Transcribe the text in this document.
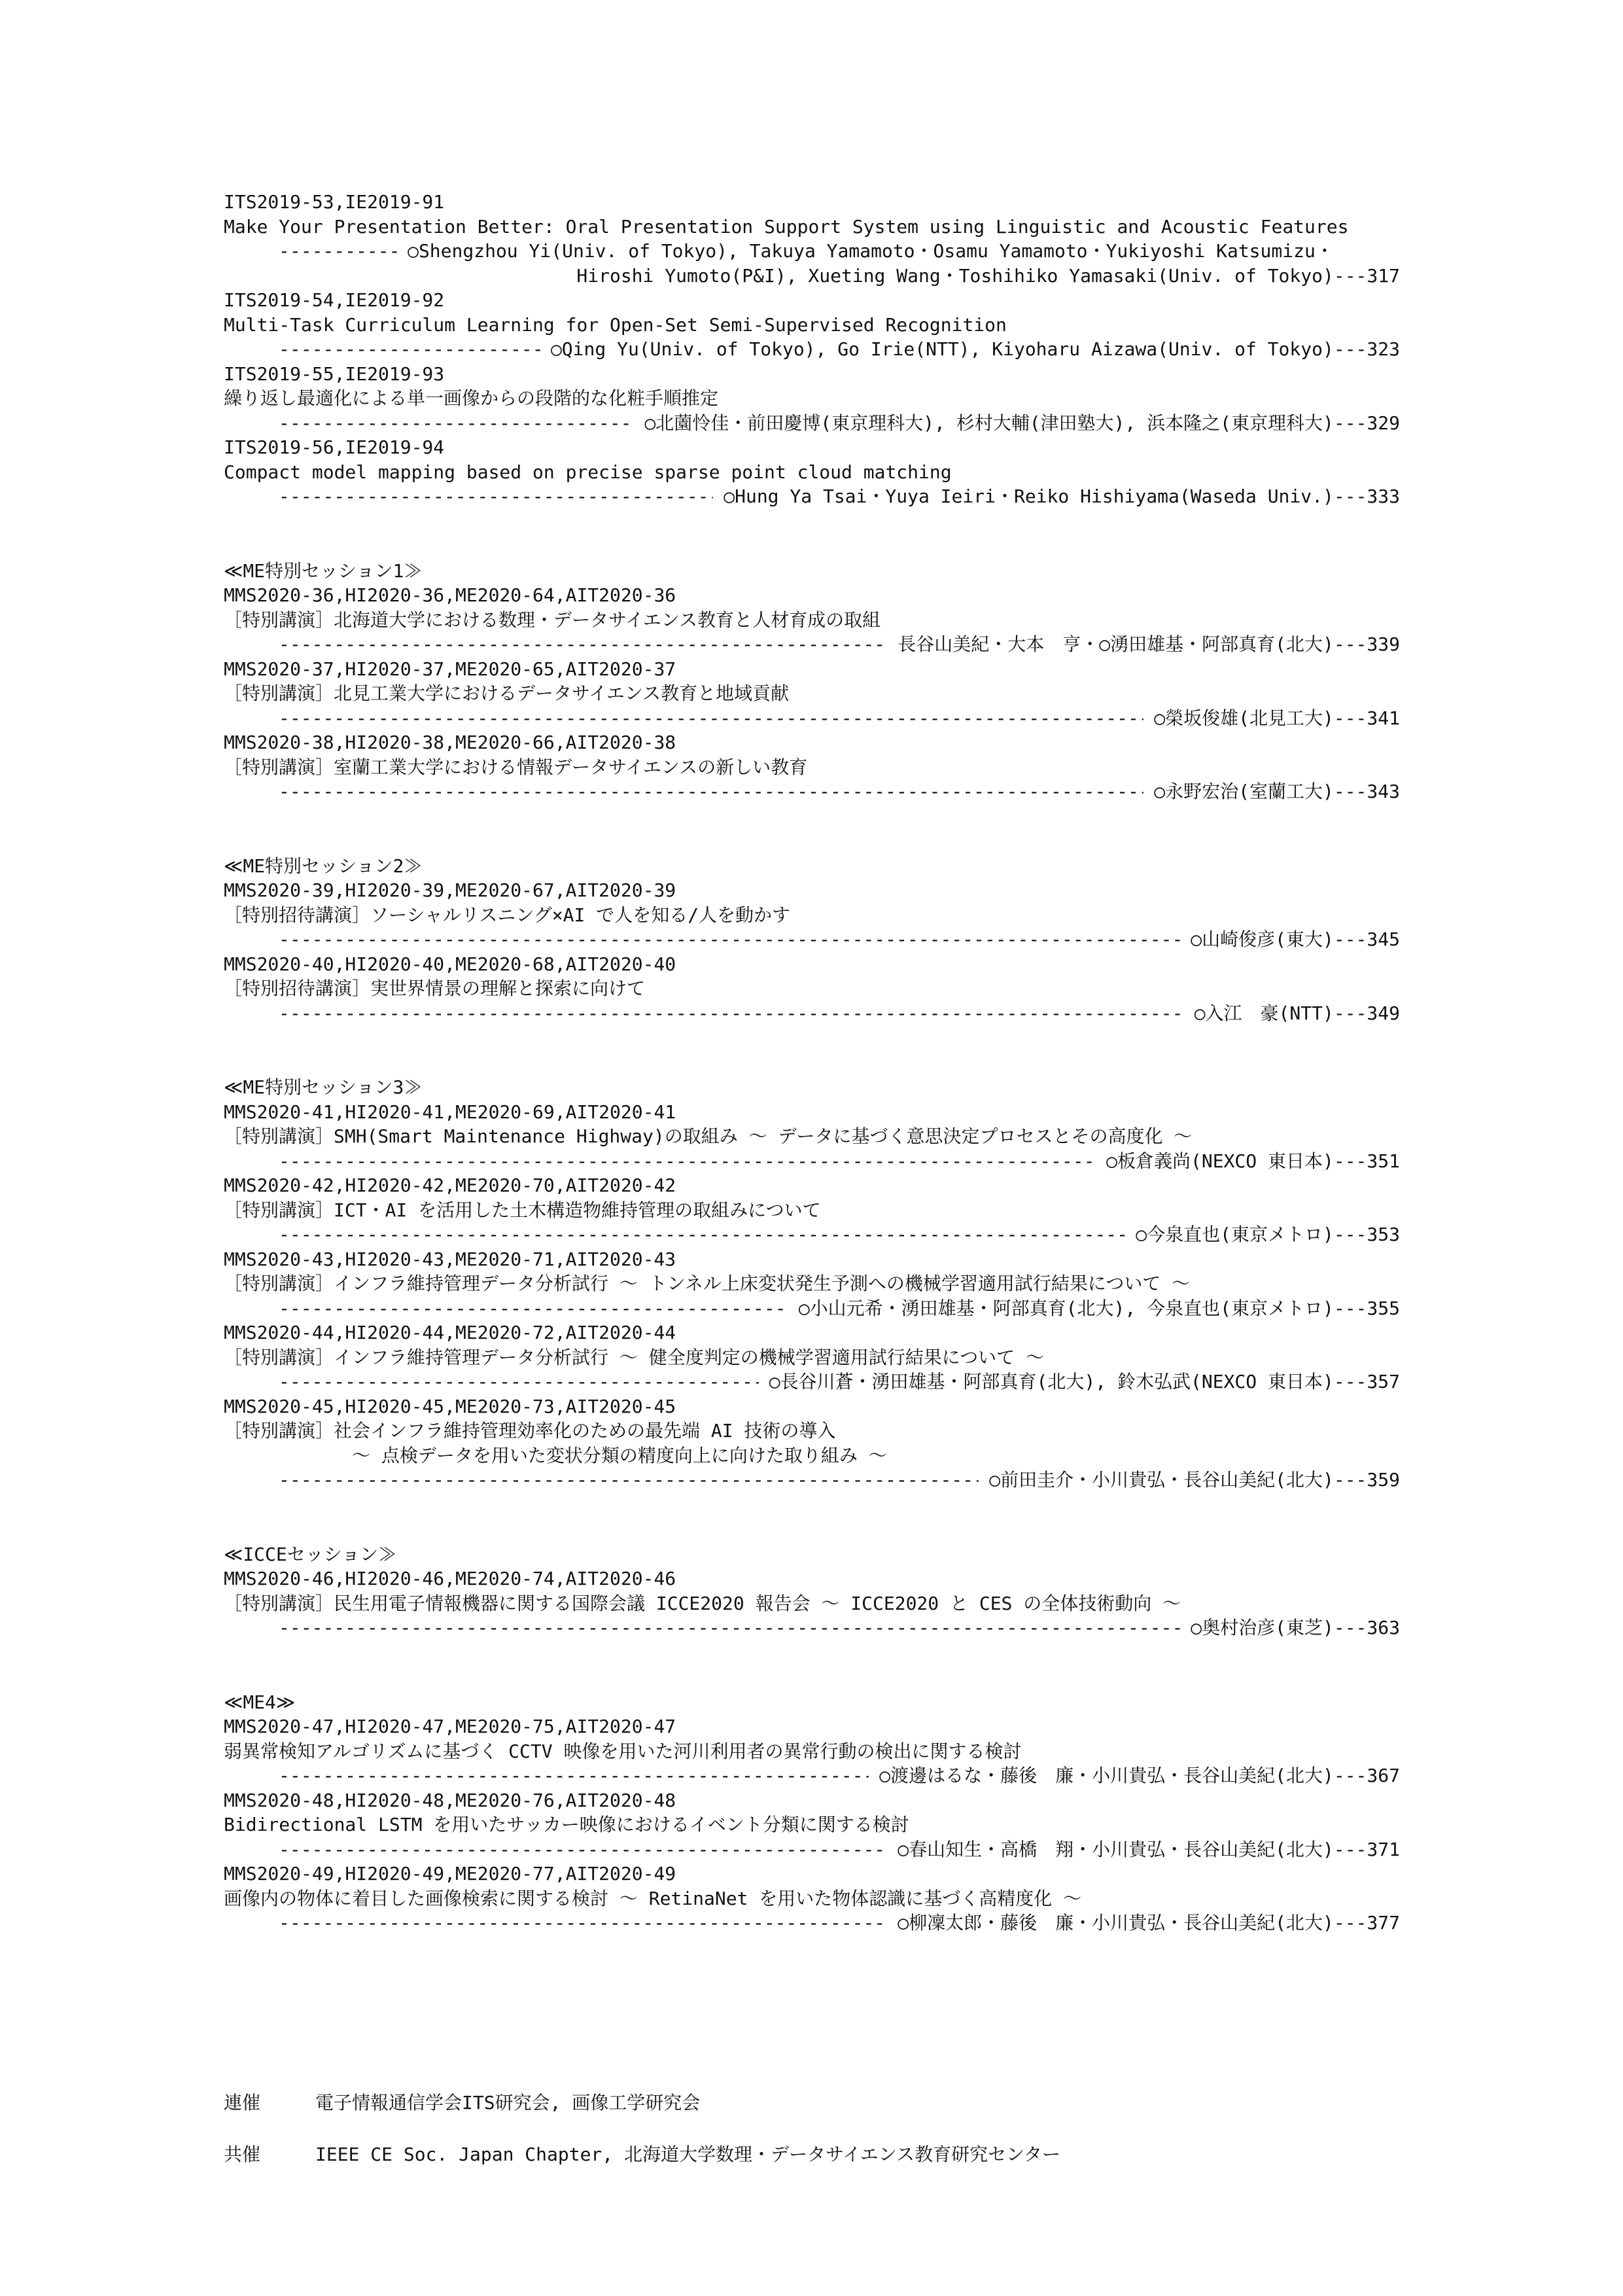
ITS2019-53,IE2019-91
Make Your Presentation Better: Oral Presentation Support System using Linguistic and Acoustic Features
-----
○Shengzhou Yi(Univ. of Tokyo), Takuya Yamamoto・Osamu Yamamoto・Yukiyoshi Katsumizu・

Hiroshi Yumoto(P&I), Xueting Wang・Toshihiko Yamasaki(Univ. of Tokyo)---317
ITS2019-54,IE2019-92
Multi-Task Curriculum Learning for Open-Set Semi-Supervised Recognition
-----
○Qing Yu(Univ. of Tokyo), Go Irie(NTT), Kiyoharu Aizawa(Univ. of Tokyo) ---323
ITS2019-55,IE2019-93
繰り返し最適化による単一画像からの段階的な化粧手順推定
-----
○北薗怜佳・前田慶博(東京理科大), 杉村大輔(津田塾大), 浜本隆之(東京理科大) ---329
ITS2019-56,IE2019-94
Compact model mapping based on precise sparse point cloud matching
-----
○Hung Ya Tsai・Yuya Ieiri・Reiko Hishiyama(Waseda Univ.) ---333
≪ME特別セッション1≫
MMS2020-36,HI2020-36,ME2020-64,AIT2020-36
［特別講演］北海道大学における数理・データサイエンス教育と人材育成の取組
-----
長谷山美紀・大本　亨・○湧田雄基・阿部真育(北大) ---339
MMS2020-37,HI2020-37,ME2020-65,AIT2020-37
［特別講演］北見工業大学におけるデータサイエンス教育と地域貢献
-----
○榮坂俊雄(北見工大) ---341
MMS2020-38,HI2020-38,ME2020-66,AIT2020-38
［特別講演］室蘭工業大学における情報データサイエンスの新しい教育
-----
○永野宏治(室蘭工大) ---343
≪ME特別セッション2≫
MMS2020-39,HI2020-39,ME2020-67,AIT2020-39
［特別招待講演］ソーシャルリスニング×AI で人を知る/人を動かす
-----
○山崎俊彦(東大) ---345
MMS2020-40,HI2020-40,ME2020-68,AIT2020-40
［特別招待講演］実世界情景の理解と探索に向けて
-----
○入江　豪(NTT) ---349
≪ME特別セッション3≫
MMS2020-41,HI2020-41,ME2020-69,AIT2020-41
［特別講演］SMH(Smart Maintenance Highway)の取組み 〜 データに基づく意思決定プロセスとその高度化 〜
-----
○板倉義尚(NEXCO 東日本) ---351
MMS2020-42,HI2020-42,ME2020-70,AIT2020-42
［特別講演］ICT・AI を活用した土木構造物維持管理の取組みについて
-----
○今泉直也(東京メトロ) ---353
MMS2020-43,HI2020-43,ME2020-71,AIT2020-43
［特別講演］インフラ維持管理データ分析試行 〜 トンネル上床変状発生予測への機械学習適用試行結果について 〜
-----
○小山元希・湧田雄基・阿部真育(北大), 今泉直也(東京メトロ) ---355
MMS2020-44,HI2020-44,ME2020-72,AIT2020-44
［特別講演］インフラ維持管理データ分析試行 〜 健全度判定の機械学習適用試行結果について 〜
-----
○長谷川蒼・湧田雄基・阿部真育(北大), 鈴木弘武(NEXCO 東日本) ---357
MMS2020-45,HI2020-45,ME2020-73,AIT2020-45
［特別講演］社会インフラ維持管理効率化のための最先端 AI 技術の導入
〜 点検データを用いた変状分類の精度向上に向けた取り組み 〜
-----
○前田圭介・小川貴弘・長谷山美紀(北大) ---359
≪ICCEセッション≫
MMS2020-46,HI2020-46,ME2020-74,AIT2020-46
［特別講演］民生用電子情報機器に関する国際会議 ICCE2020 報告会 〜 ICCE2020 と CES の全体技術動向 〜
-----
○奥村治彦(東芝) ---363
≪ME4≫
MMS2020-47,HI2020-47,ME2020-75,AIT2020-47
弱異常検知アルゴリズムに基づく CCTV 映像を用いた河川利用者の異常行動の検出に関する検討
-----
○渡邊はるな・藤後　廉・小川貴弘・長谷山美紀(北大) ---367
MMS2020-48,HI2020-48,ME2020-76,AIT2020-48
Bidirectional LSTM を用いたサッカー映像におけるイベント分類に関する検討
-----
○春山知生・高橋　翔・小川貴弘・長谷山美紀(北大) ---371
MMS2020-49,HI2020-49,ME2020-77,AIT2020-49
画像内の物体に着目した画像検索に関する検討 〜 RetinaNet を用いた物体認識に基づく高精度化 〜
-----
○柳凜太郎・藤後　廉・小川貴弘・長谷山美紀(北大) ---377
連催	電子情報通信学会ITS研究会, 画像工学研究会
共催	IEEE CE Soc. Japan Chapter, 北海道大学数理・データサイエンス教育研究センター
